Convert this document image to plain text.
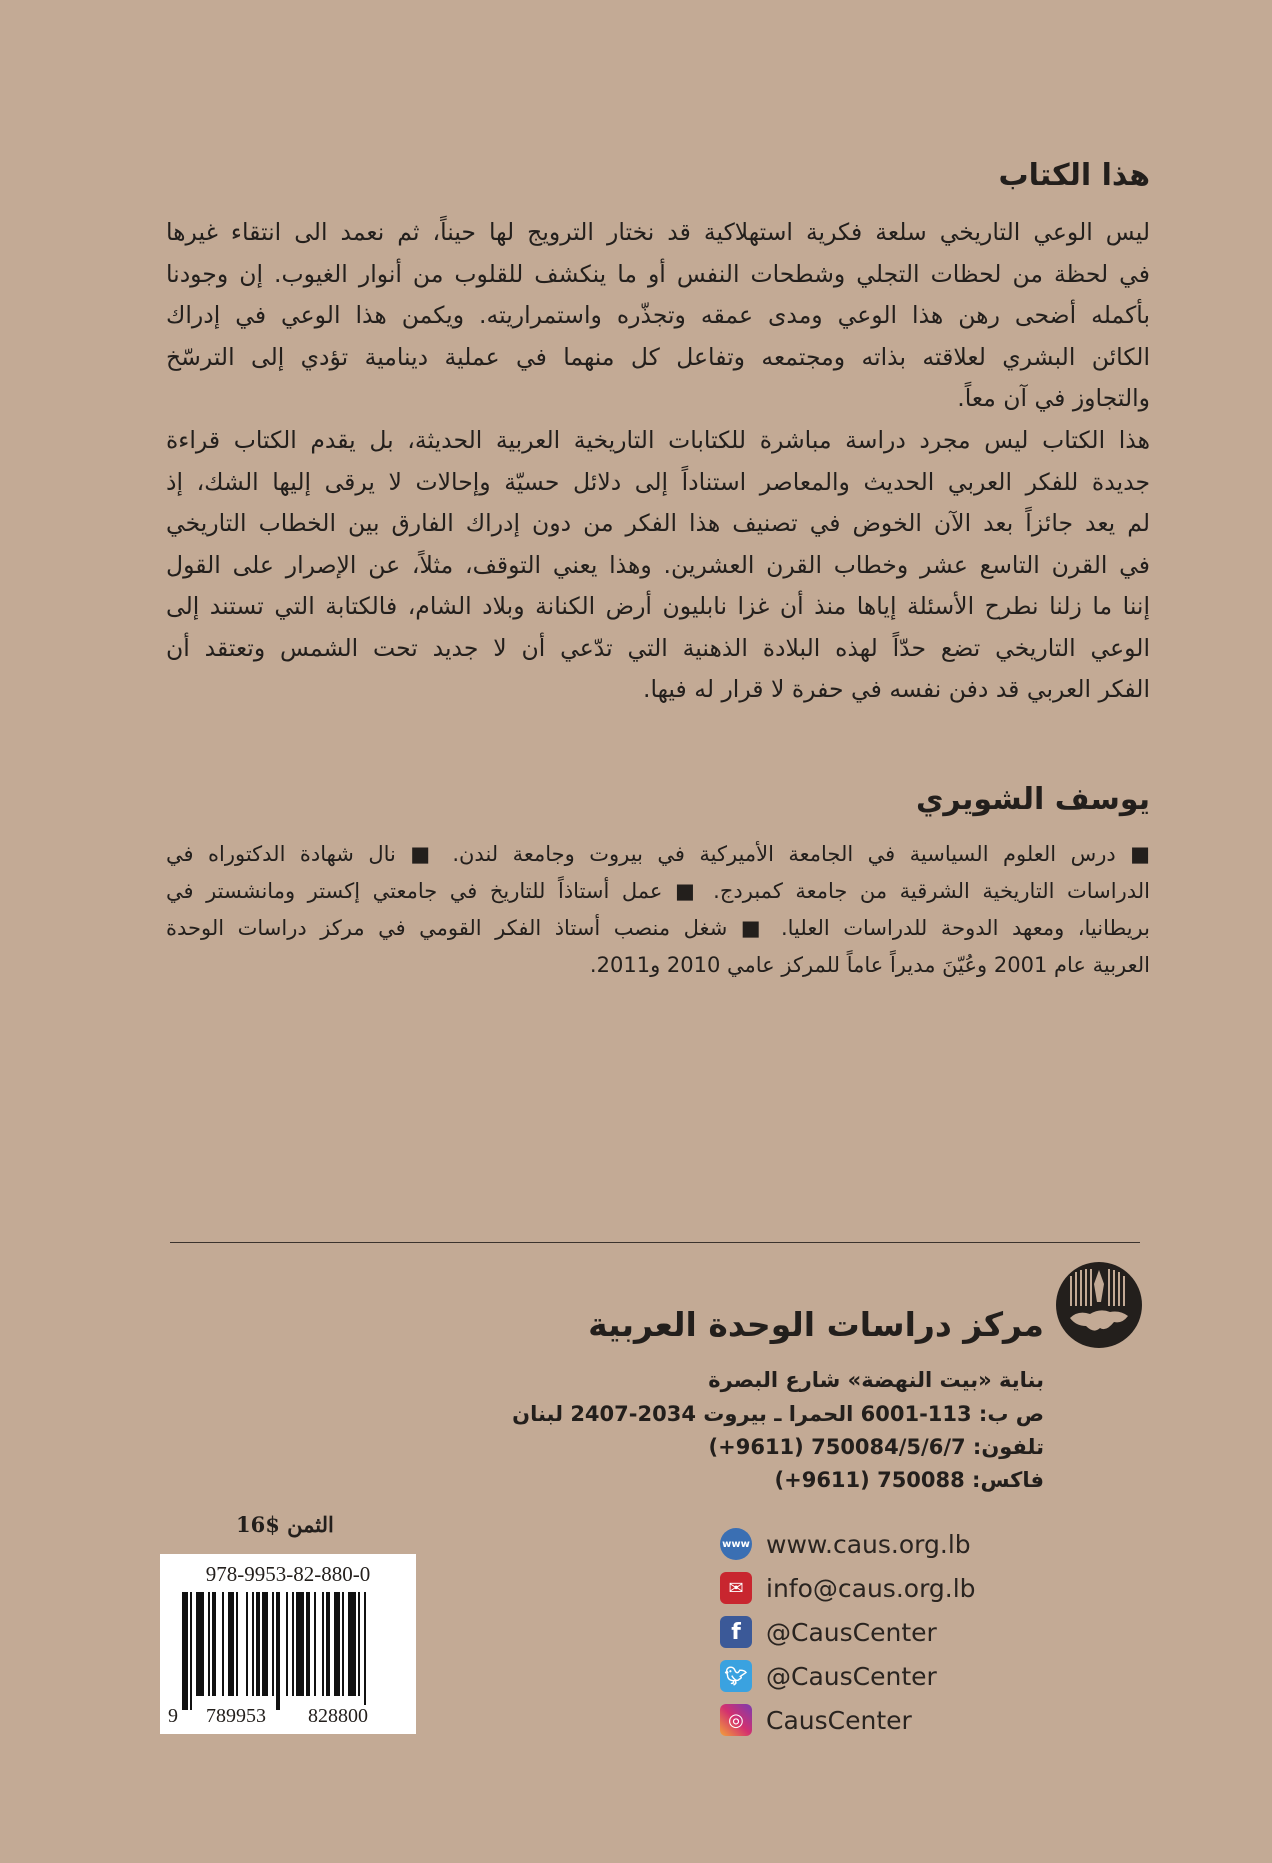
هذا الكتاب
ليس الوعي التاريخي سلعة فكرية استهلاكية قد نختار الترويج لها حيناً، ثم نعمد الى انتقاء غيرها
في لحظة من لحظات التجلي وشطحات النفس أو ما ينكشف للقلوب من أنوار الغيوب. إن وجودنا
بأكمله أضحى رهن هذا الوعي ومدى عمقه وتجذّره واستمراريته. ويكمن هذا الوعي في إدراك
الكائن البشري لعلاقته بذاته ومجتمعه وتفاعل كل منهما في عملية دينامية تؤدي إلى الترسّخ
والتجاوز في آن معاً.
هذا الكتاب ليس مجرد دراسة مباشرة للكتابات التاريخية العربية الحديثة، بل يقدم الكتاب قراءة
جديدة للفكر العربي الحديث والمعاصر استناداً إلى دلائل حسيّة وإحالات لا يرقى إليها الشك، إذ
لم يعد جائزاً بعد الآن الخوض في تصنيف هذا الفكر من دون إدراك الفارق بين الخطاب التاريخي
في القرن التاسع عشر وخطاب القرن العشرين. وهذا يعني التوقف، مثلاً، عن الإصرار على القول
إننا ما زلنا نطرح الأسئلة إياها منذ أن غزا نابليون أرض الكنانة وبلاد الشام، فالكتابة التي تستند إلى
الوعي التاريخي تضع حدّاً لهذه البلادة الذهنية التي تدّعي أن لا جديد تحت الشمس وتعتقد أن
الفكر العربي قد دفن نفسه في حفرة لا قرار له فيها.
يوسف الشويري
■ درس العلوم السياسية في الجامعة الأميركية في بيروت وجامعة لندن. ■ نال شهادة الدكتوراه في
الدراسات التاريخية الشرقية من جامعة كمبردج. ■ عمل أستاذاً للتاريخ في جامعتي إكستر ومانشستر في
بريطانيا، ومعهد الدوحة للدراسات العليا. ■ شغل منصب أستاذ الفكر القومي في مركز دراسات الوحدة
العربية عام 2001 وعُيّنَ مديراً عاماً للمركز عامي 2010 و2011.
مركز دراسات الوحدة العربية
بناية «بيت النهضة» شارع البصرة
ص ب: 113-6001 الحمرا ـ بيروت 2034-2407 لبنان
تلفون: 750084/5/6/7 (9611+)
فاكس: 750088 (9611+)
الثمن $16
978-9953-82-880-0
9 789953 828800
www www.caus.org.lb
✉ info@caus.org.lb
f	@CausCenter
🐦︎ @CausCenter
◎ CausCenter
